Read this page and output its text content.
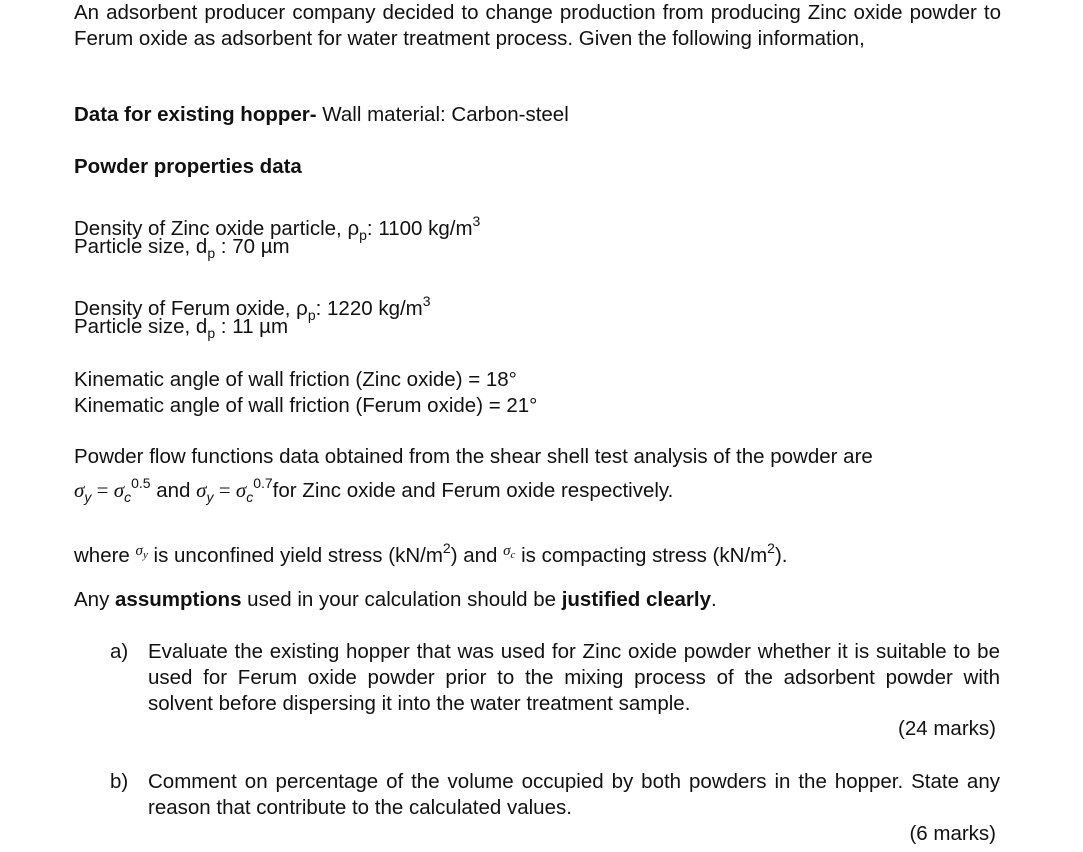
An adsorbent producer company decided to change production from producing Zinc oxide powder to Ferum oxide as adsorbent for water treatment process. Given the following information,
Data for existing hopper- Wall material: Carbon-steel
Powder properties data
Density of Zinc oxide particle, $\rho_p$: 1100 $kg/m^3$
Particle size, $d_p$ : 70 µm
Density of Ferum oxide, $\rho_p$: 1220 $kg/m^3$
Particle size, $d_p$ : 11 µm
Kinematic angle of wall friction (Zinc oxide) = 18°
Kinematic angle of wall friction (Ferum oxide) = 21°
Powder flow functions data obtained from the shear shell test analysis of the powder are
$\sigma_y = \sigma_c^{0.5}$ and $\sigma_y = \sigma_c^{0.7}for$ Zinc oxide and Ferum oxide respectively.
where $^{\sigma_y}$ is unconfined yield stress $(kN/m^2)$ and $^{\sigma_c}$ is compacting stress $(kN/m^2)$.
Any assumptions used in your calculation should be justified clearly.
a) Evaluate the existing hopper that was used for Zinc oxide powder whether it is suitable to be used for Ferum oxide powder prior to the mixing process of the adsorbent powder with solvent before dispersing it into the water treatment sample.
(24 marks)
b) Comment on percentage of the volume occupied by both powders in the hopper. State any reason that contribute to the calculated values.
(6 marks)
